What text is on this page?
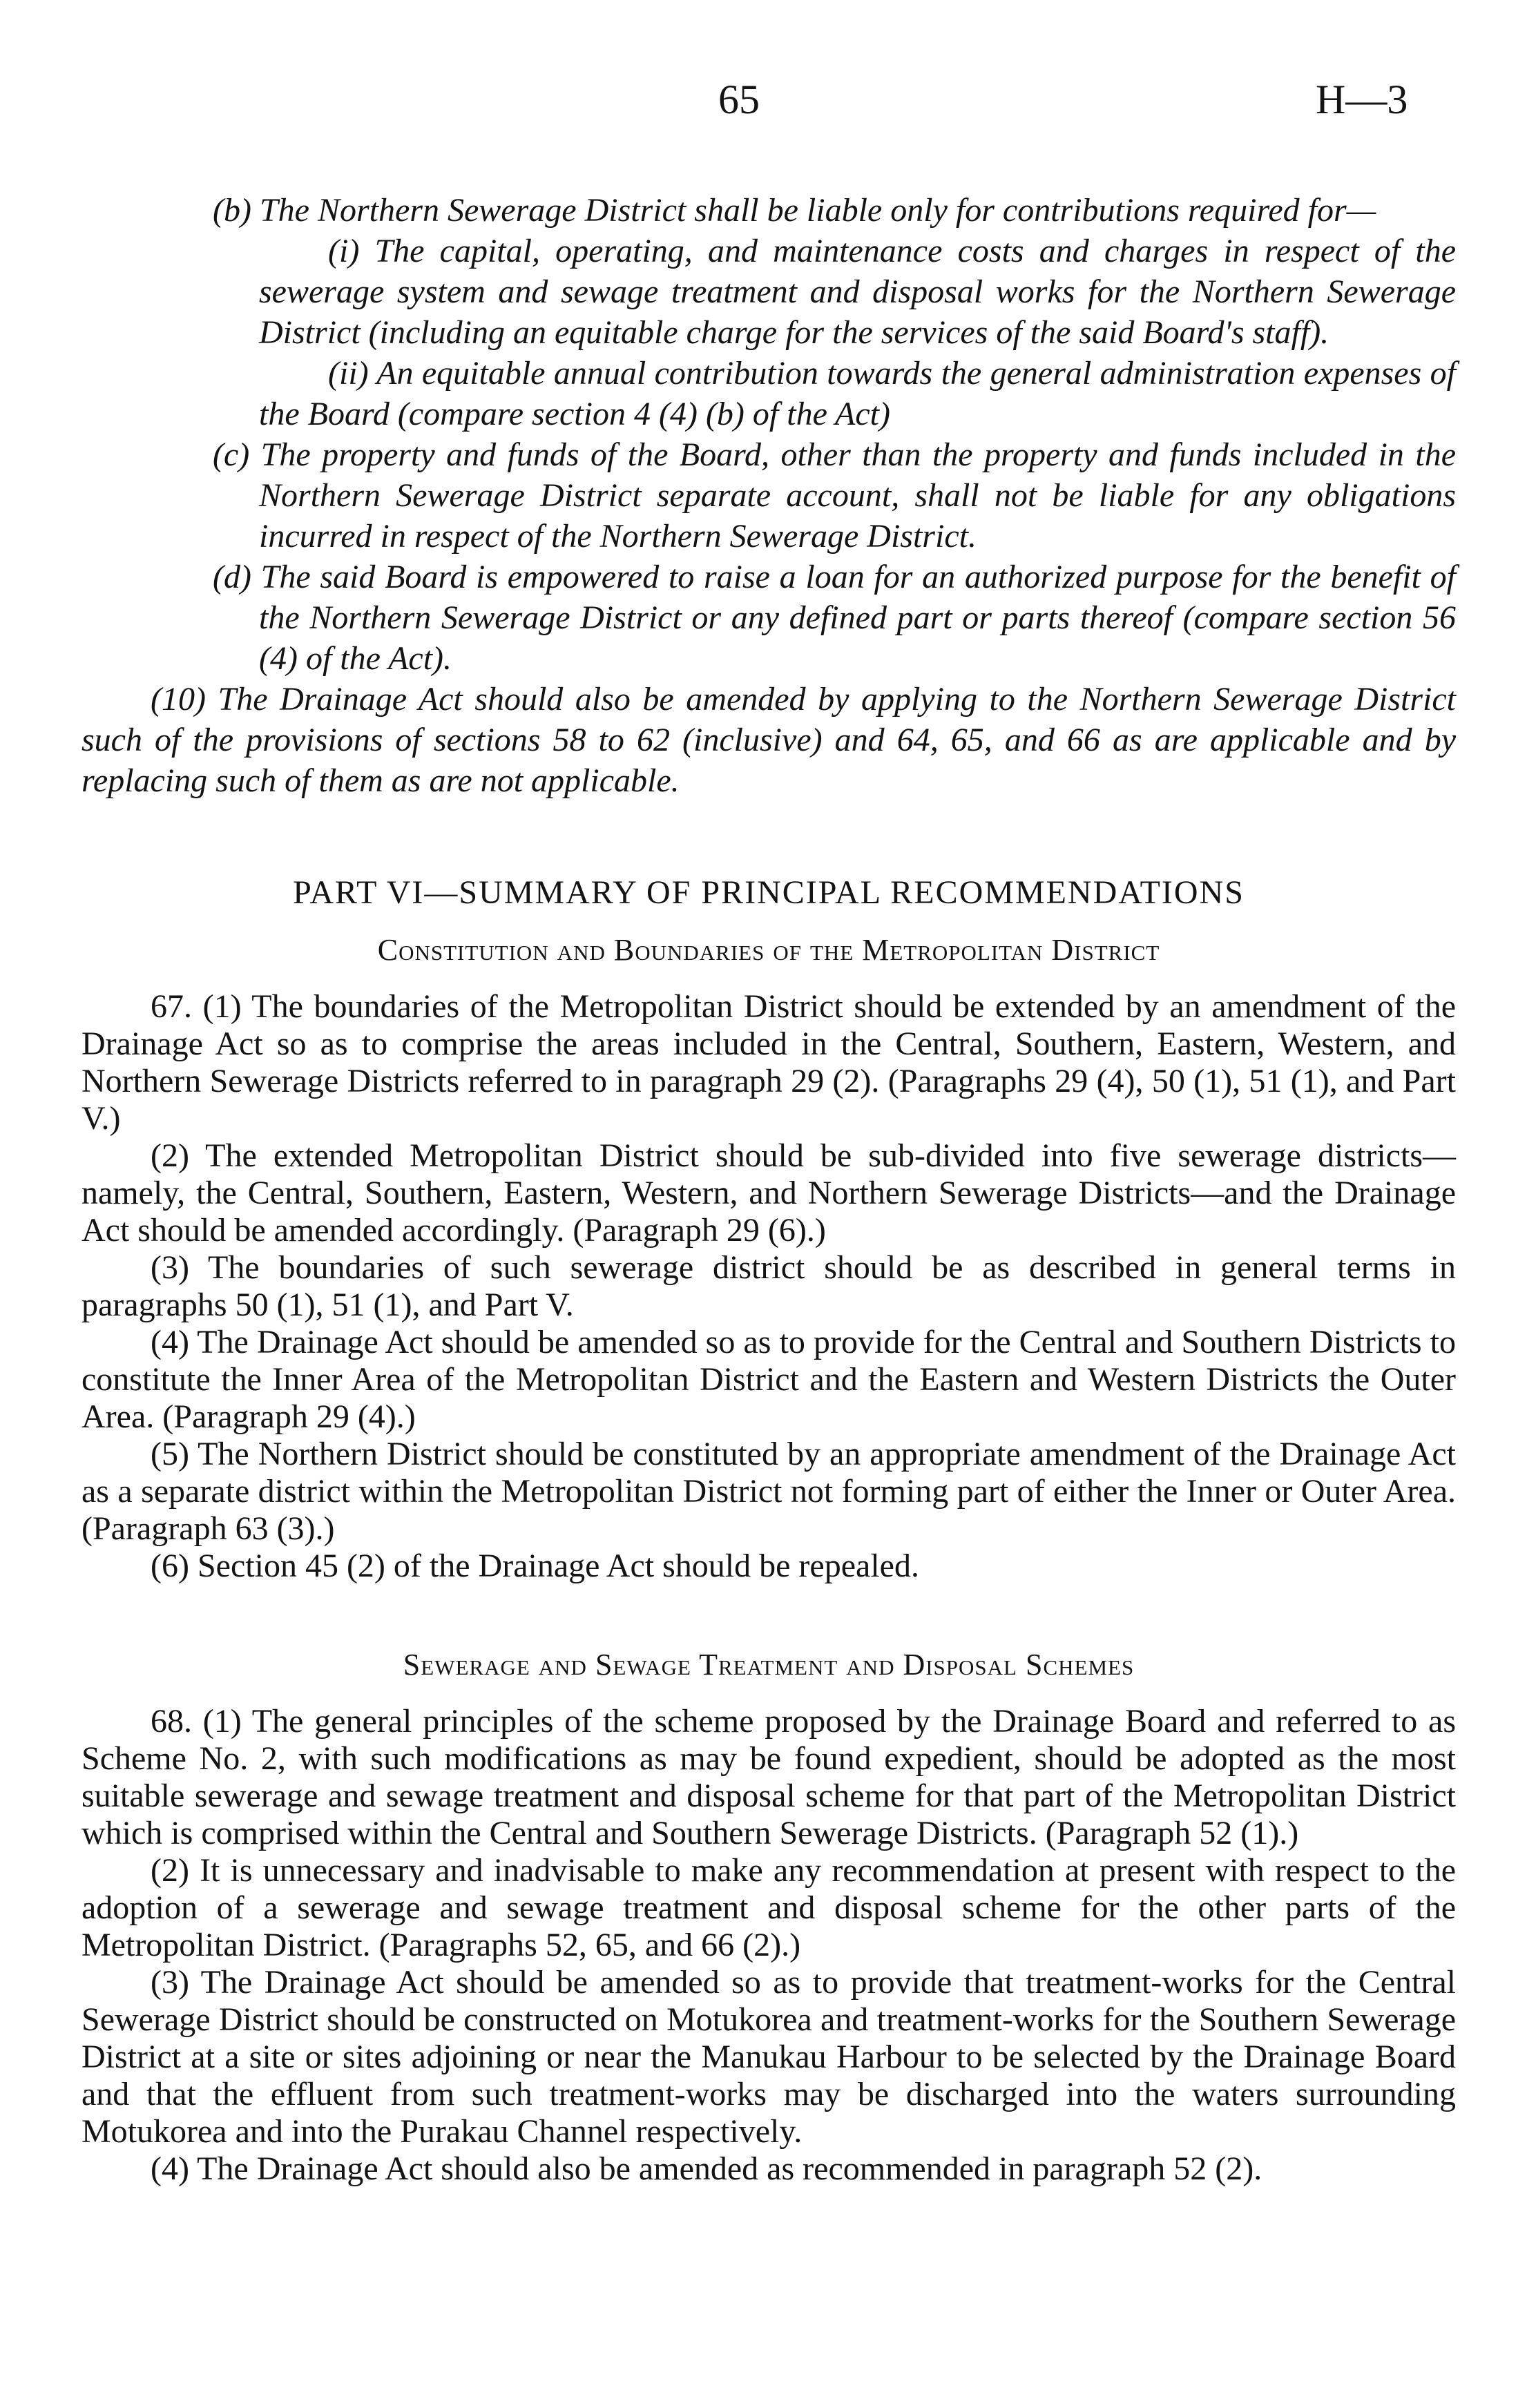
65	H—3

(b) The Northern Sewerage District shall be liable only for contributions required for—

(i) The capital, operating, and maintenance costs and charges in respect of the sewerage system and sewage treatment and disposal works for the Northern Sewerage District (including an equitable charge for the services of the said Board's staff).

(ii) An equitable annual contribution towards the general administration expenses of the Board (compare section 4 (4) (b) of the Act)

(c) The property and funds of the Board, other than the property and funds included in the Northern Sewerage District separate account, shall not be liable for any obligations incurred in respect of the Northern Sewerage District.

(d) The said Board is empowered to raise a loan for an authorized purpose for the benefit of the Northern Sewerage District or any defined part or parts thereof (compare section 56 (4) of the Act).

(10) The Drainage Act should also be amended by applying to the Northern Sewerage District such of the provisions of sections 58 to 62 (inclusive) and 64, 65, and 66 as are applicable and by replacing such of them as are not applicable.

PART VI—SUMMARY OF PRINCIPAL RECOMMENDATIONS

Constitution and Boundaries of the Metropolitan District

67. (1) The boundaries of the Metropolitan District should be extended by an amendment of the Drainage Act so as to comprise the areas included in the Central, Southern, Eastern, Western, and Northern Sewerage Districts referred to in paragraph 29 (2). (Paragraphs 29 (4), 50 (1), 51 (1), and Part V.)

(2) The extended Metropolitan District should be sub-divided into five sewerage districts—namely, the Central, Southern, Eastern, Western, and Northern Sewerage Districts—and the Drainage Act should be amended accordingly. (Paragraph 29 (6).)

(3) The boundaries of such sewerage district should be as described in general terms in paragraphs 50 (1), 51 (1), and Part V.

(4) The Drainage Act should be amended so as to provide for the Central and Southern Districts to constitute the Inner Area of the Metropolitan District and the Eastern and Western Districts the Outer Area. (Paragraph 29 (4).)

(5) The Northern District should be constituted by an appropriate amendment of the Drainage Act as a separate district within the Metropolitan District not forming part of either the Inner or Outer Area. (Paragraph 63 (3).)

(6) Section 45 (2) of the Drainage Act should be repealed.

Sewerage and Sewage Treatment and Disposal Schemes

68. (1) The general principles of the scheme proposed by the Drainage Board and referred to as Scheme No. 2, with such modifications as may be found expedient, should be adopted as the most suitable sewerage and sewage treatment and disposal scheme for that part of the Metropolitan District which is comprised within the Central and Southern Sewerage Districts. (Paragraph 52 (1).)

(2) It is unnecessary and inadvisable to make any recommendation at present with respect to the adoption of a sewerage and sewage treatment and disposal scheme for the other parts of the Metropolitan District. (Paragraphs 52, 65, and 66 (2).)

(3) The Drainage Act should be amended so as to provide that treatment-works for the Central Sewerage District should be constructed on Motukorea and treatment-works for the Southern Sewerage District at a site or sites adjoining or near the Manukau Harbour to be selected by the Drainage Board and that the effluent from such treatment-works may be discharged into the waters surrounding Motukorea and into the Purakau Channel respectively.

(4) The Drainage Act should also be amended as recommended in paragraph 52 (2).
